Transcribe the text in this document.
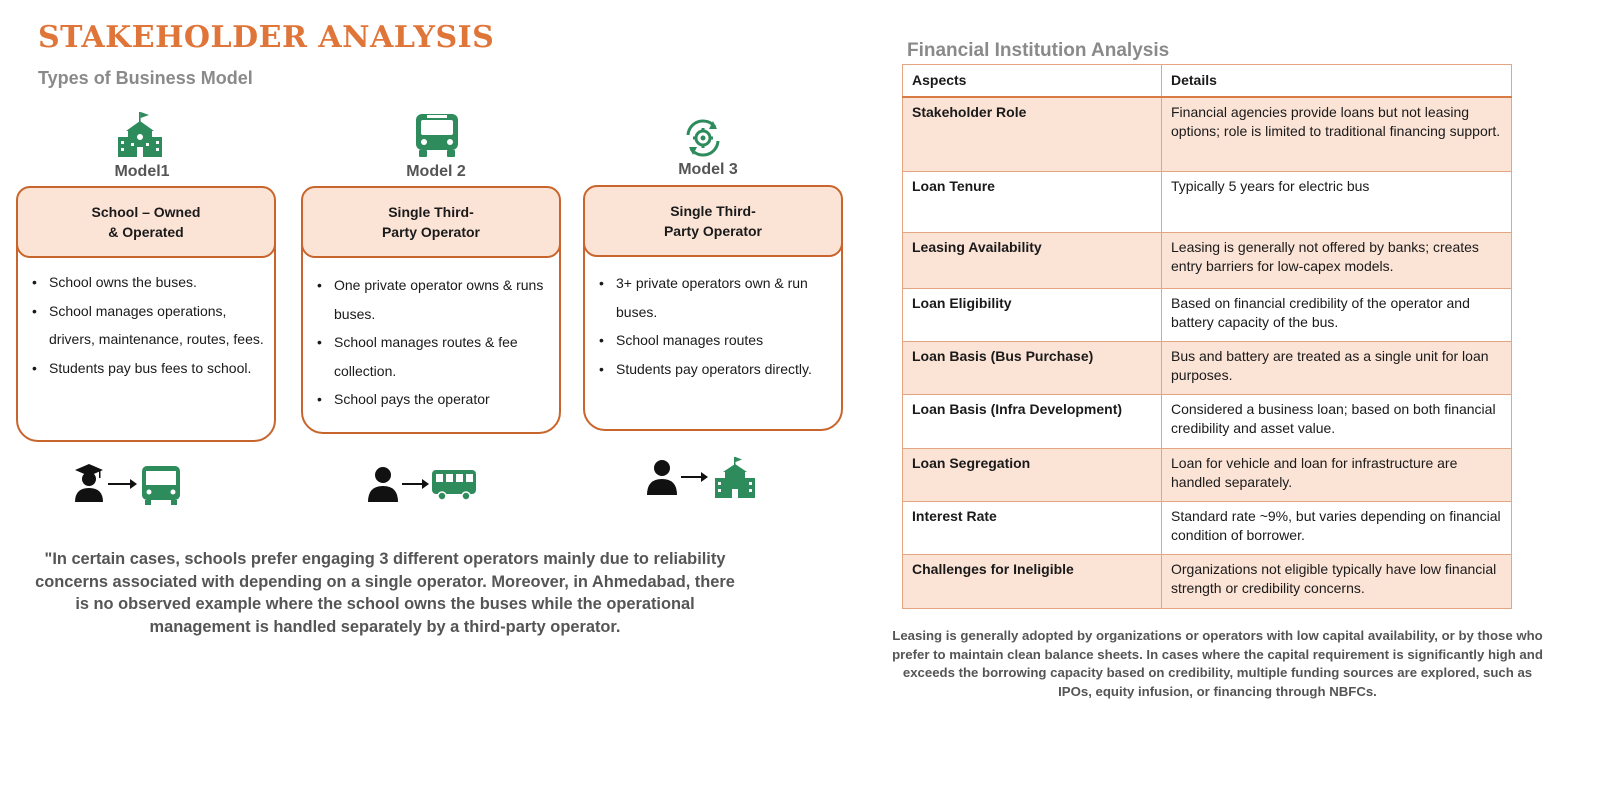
STAKEHOLDER ANALYSIS
Types of Business Model
Model1
School – Owned
& Operated
• School owns the buses.
• School manages operations, drivers, maintenance, routes, fees.
• Students pay bus fees to school.
Model 2
Single Third-
Party Operator
• One private operator owns & runs buses.
• School manages routes & fee collection.
• School pays the operator
Model 3
Single Third-
Party Operator
• 3+ private operators own & run buses.
• School manages routes
• Students pay operators directly.
"In certain cases, schools prefer engaging 3 different operators mainly due to reliability concerns associated with depending on a single operator. Moreover, in Ahmedabad, there is no observed example where the school owns the buses while the operational management is handled separately by a third-party operator.
Financial Institution Analysis
Aspects	Details
Stakeholder Role	Financial agencies provide loans but not leasing options; role is limited to traditional financing support.
Loan Tenure	Typically 5 years for electric bus
Leasing Availability	Leasing is generally not offered by banks; creates entry barriers for low-capex models.
Loan Eligibility	Based on financial credibility of the operator and battery capacity of the bus.
Loan Basis (Bus Purchase)	Bus and battery are treated as a single unit for loan purposes.
Loan Basis (Infra Development)	Considered a business loan; based on both financial credibility and asset value.
Loan Segregation	Loan for vehicle and loan for infrastructure are handled separately.
Interest Rate	Standard rate ~9%, but varies depending on financial condition of borrower.
Challenges for Ineligible	Organizations not eligible typically have low financial strength or credibility concerns.
Leasing is generally adopted by organizations or operators with low capital availability, or by those who prefer to maintain clean balance sheets. In cases where the capital requirement is significantly high and exceeds the borrowing capacity based on credibility, multiple funding sources are explored, such as IPOs, equity infusion, or financing through NBFCs.
